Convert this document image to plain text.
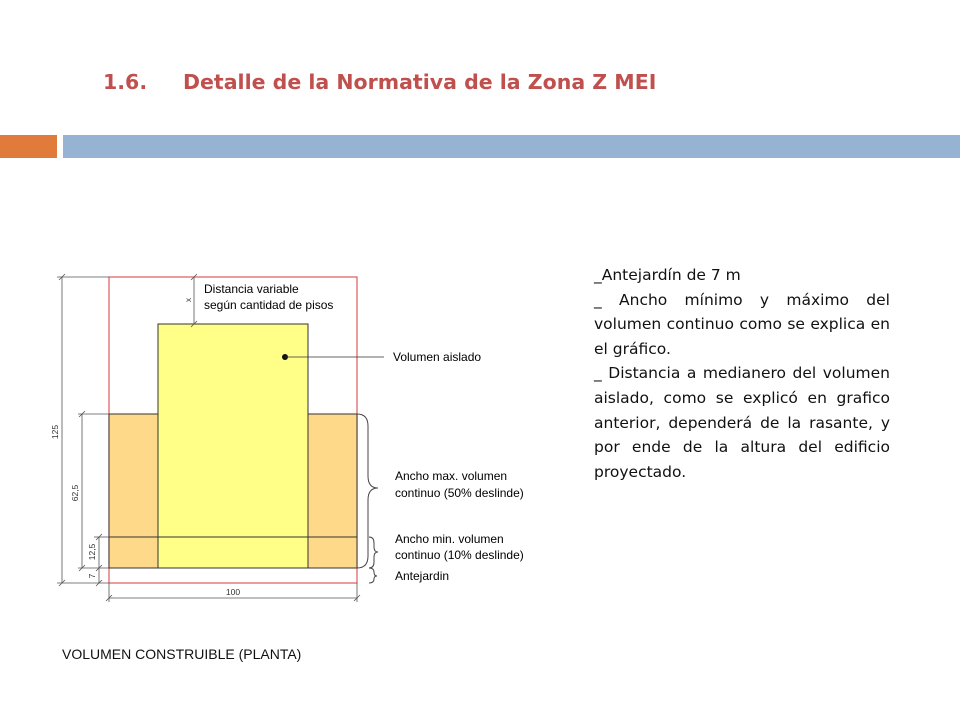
1.6. Detalle de la Normativa de la Zona Z MEI
125
62,5
12,5
7
100
x
Distancia variable
según cantidad de pisos
Volumen aislado
Ancho max. volumen
continuo (50% deslinde)
Ancho min. volumen
continuo (10% deslinde)
Antejardin
VOLUMEN CONSTRUIBLE (PLANTA)
_Antejardín de 7 m
_ Ancho mínimo y máximo del volumen continuo como se explica en el gráfico.
_ Distancia a medianero del volumen aislado, como se explicó en grafico anterior, dependerá de la rasante, y por ende de la altura del edificio proyectado.
